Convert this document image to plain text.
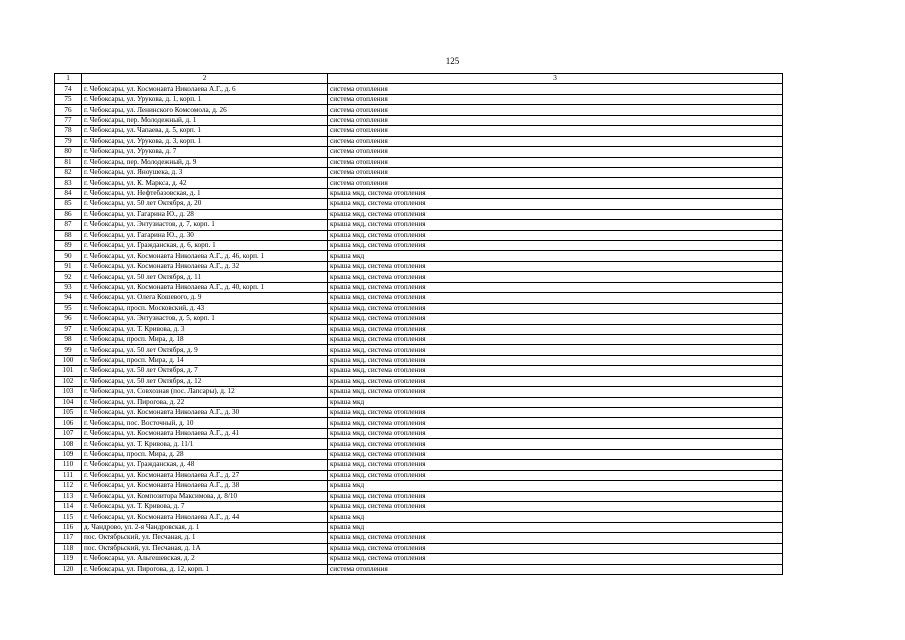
125
1	2	3
74	г. Чебоксары, ул. Космонавта Николаева А.Г., д. 6	система отопления
75	г. Чебоксары, ул. Урукова, д. 1, корп. 1	система отопления
76	г. Чебоксары, ул. Ленинского Комсомола, д. 26	система отопления
77	г. Чебоксары, пер. Молодежный, д. 1	система отопления
78	г. Чебоксары, ул. Чапаева, д. 5, корп. 1	система отопления
79	г. Чебоксары, ул. Урукова, д. 3, корп. 1	система отопления
80	г. Чебоксары, ул. Урукова, д. 7	система отопления
81	г. Чебоксары, пер. Молодежный, д. 9	система отопления
82	г. Чебоксары, ул. Яноушека, д. 3	система отопления
83	г. Чебоксары, ул. К. Маркса, д. 42	система отопления
84	г. Чебоксары, ул. Нефтебазовская, д. 1	крыша мкд, система отопления
85	г. Чебоксары, ул. 50 лет Октября, д. 20	крыша мкд, система отопления
86	г. Чебоксары, ул. Гагарина Ю., д. 28	крыша мкд, система отопления
87	г. Чебоксары, ул. Энтузиастов, д. 7, корп. 1	крыша мкд, система отопления
88	г. Чебоксары, ул. Гагарина Ю., д. 30	крыша мкд, система отопления
89	г. Чебоксары, ул. Гражданская, д. 6, корп. 1	крыша мкд, система отопления
90	г. Чебоксары, ул. Космонавта Николаева А.Г., д. 46, корп. 1	крыша мкд
91	г. Чебоксары, ул. Космонавта Николаева А.Г., д. 32	крыша мкд, система отопления
92	г. Чебоксары, ул. 50 лет Октября, д. 11	крыша мкд, система отопления
93	г. Чебоксары, ул. Космонавта Николаева А.Г., д. 40, корп. 1	крыша мкд, система отопления
94	г. Чебоксары, ул. Олега Кошевого, д. 9	крыша мкд, система отопления
95	г. Чебоксары, просп. Московский, д. 43	крыша мкд, система отопления
96	г. Чебоксары, ул. Энтузиастов, д. 5, корп. 1	крыша мкд, система отопления
97	г. Чебоксары, ул. Т. Кривова, д. 3	крыша мкд, система отопления
98	г. Чебоксары, просп. Мира, д. 18	крыша мкд, система отопления
99	г. Чебоксары, ул. 50 лет Октября, д. 9	крыша мкд, система отопления
100	г. Чебоксары, просп. Мира, д. 14	крыша мкд, система отопления
101	г. Чебоксары, ул. 50 лет Октября, д. 7	крыша мкд, система отопления
102	г. Чебоксары, ул. 50 лет Октября, д. 12	крыша мкд, система отопления
103	г. Чебоксары, ул. Совхозная (пос. Лапсары), д. 12	крыша мкд, система отопления
104	г. Чебоксары, ул. Пирогова, д. 22	крыша мкд
105	г. Чебоксары, ул. Космонавта Николаева А.Г., д. 30	крыша мкд, система отопления
106	г. Чебоксары, пос. Восточный, д. 10	крыша мкд, система отопления
107	г. Чебоксары, ул. Космонавта Николаева А.Г., д. 41	крыша мкд, система отопления
108	г. Чебоксары, ул. Т. Кривова, д. 11/1	крыша мкд, система отопления
109	г. Чебоксары, просп. Мира, д. 28	крыша мкд, система отопления
110	г. Чебоксары, ул. Гражданская, д. 48	крыша мкд, система отопления
111	г. Чебоксары, ул. Космонавта Николаева А.Г., д. 27	крыша мкд, система отопления
112	г. Чебоксары, ул. Космонавта Николаева А.Г., д. 38	крыша мкд
113	г. Чебоксары, ул. Композитора Максимова, д. 8/10	крыша мкд, система отопления
114	г. Чебоксары, ул. Т. Кривова, д. 7	крыша мкд, система отопления
115	г. Чебоксары, ул. Космонавта Николаева А.Г., д. 44	крыша мкд
116	д. Чандрово, ул. 2-я Чандровская, д. 1	крыша мкд
117	пос. Октябрьский, ул. Песчаная, д. 1	крыша мкд, система отопления
118	пос. Октябрьский, ул. Песчаная, д. 1А	крыша мкд, система отопления
119	г. Чебоксары, ул. Альгешевская, д. 2	крыша мкд, система отопления
120	г. Чебоксары, ул. Пирогова, д. 12, корп. 1	система отопления
